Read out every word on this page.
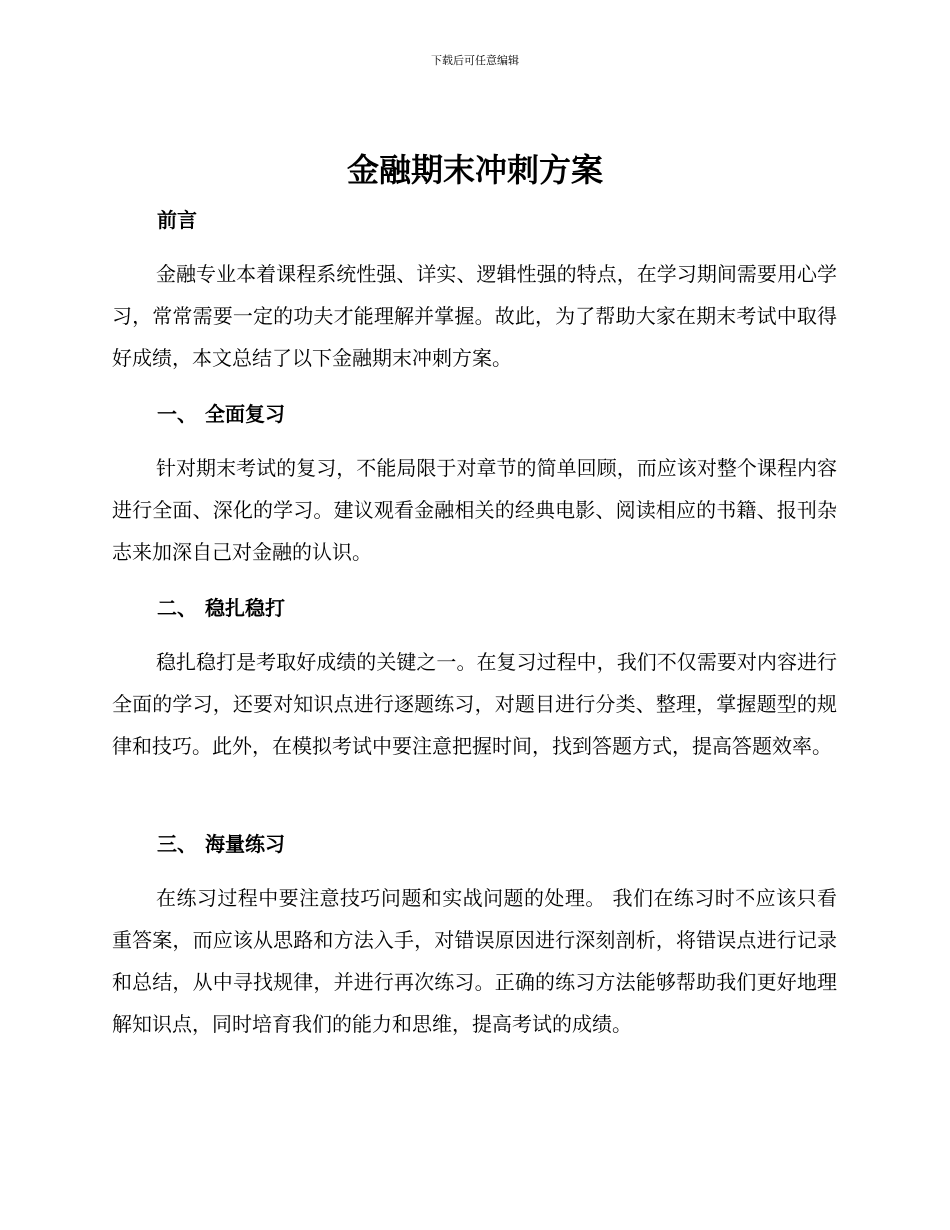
下载后可任意编辑
金融期末冲刺方案
前言

金融专业本着课程系统性强、详实、逻辑性强的特点，在学习期间需要用心学习，常常需要一定的功夫才能理解并掌握。故此，为了帮助大家在期末考试中取得好成绩，本文总结了以下金融期末冲刺方案。

一、 全面复习

针对期末考试的复习，不能局限于对章节的简单回顾，而应该对整个课程内容进行全面、深化的学习。建议观看金融相关的经典电影、阅读相应的书籍、报刊杂志来加深自己对金融的认识。

二、 稳扎稳打

稳扎稳打是考取好成绩的关键之一。在复习过程中，我们不仅需要对内容进行全面的学习，还要对知识点进行逐题练习，对题目进行分类、整理，掌握题型的规律和技巧。此外，在模拟考试中要注意把握时间，找到答题方式，提高答题效率。

三、 海量练习

在练习过程中要注意技巧问题和实战问题的处理。 我们在练习时不应该只看重答案，而应该从思路和方法入手，对错误原因进行深刻剖析，将错误点进行记录和总结，从中寻找规律，并进行再次练习。正确的练习方法能够帮助我们更好地理解知识点，同时培育我们的能力和思维，提高考试的成绩。
